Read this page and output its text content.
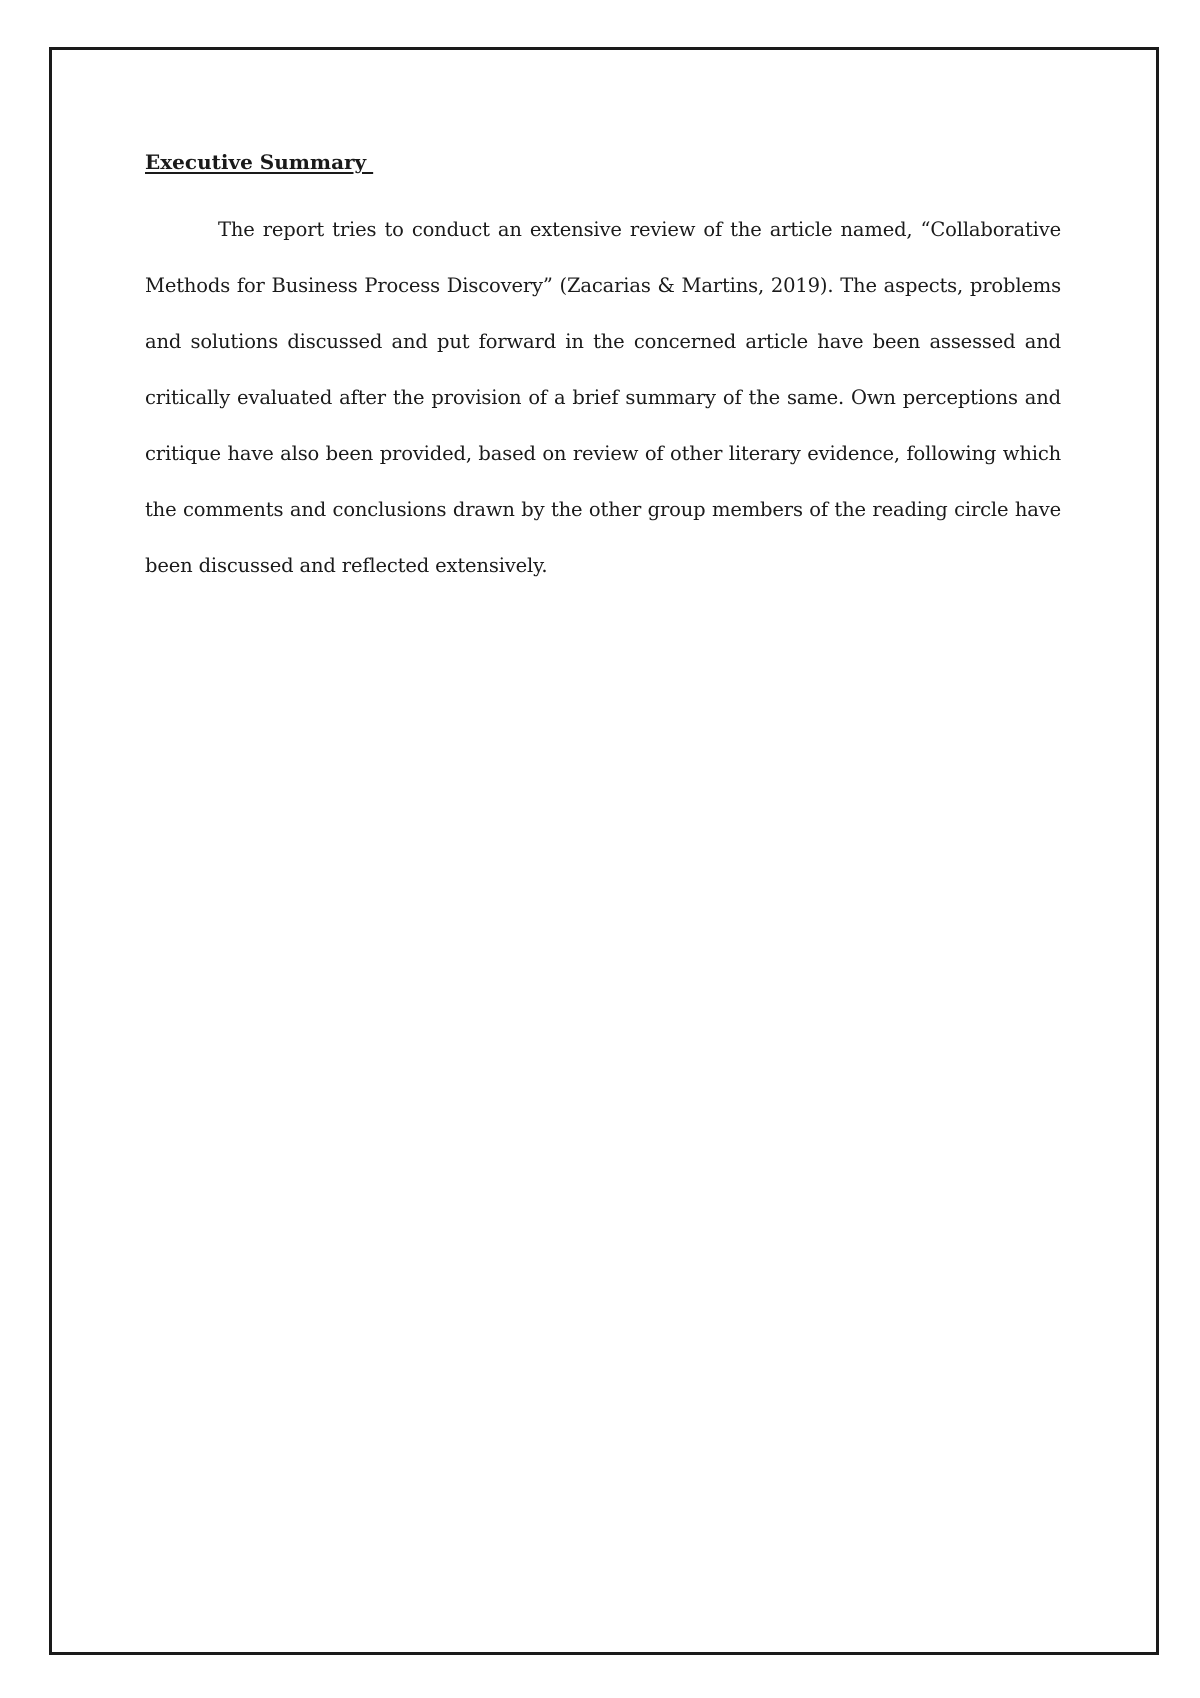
Executive Summary

The report tries to conduct an extensive review of the article named, “Collaborative Methods for Business Process Discovery” (Zacarias & Martins, 2019). The aspects, problems and solutions discussed and put forward in the concerned article have been assessed and critically evaluated after the provision of a brief summary of the same. Own perceptions and critique have also been provided, based on review of other literary evidence, following which the comments and conclusions drawn by the other group members of the reading circle have been discussed and reflected extensively.
